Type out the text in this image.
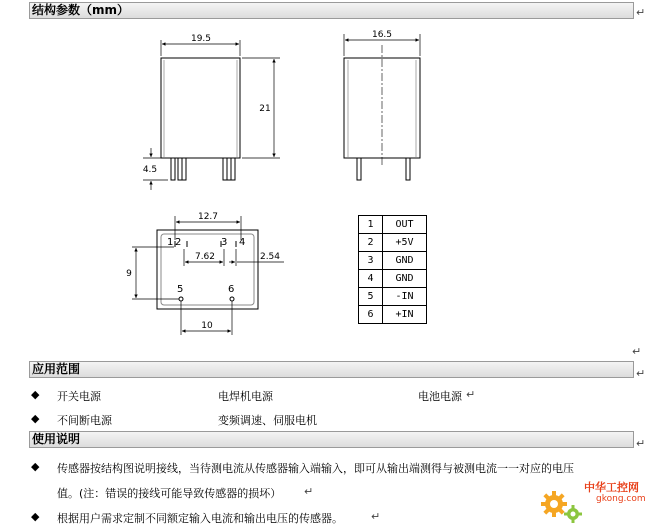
结构参数（mm）	↵
19.5	16.5
21
4.5
12.7
7.62	2.54
9
10
1 2	3 4
5	6
1	OUT
2	+5V
3	GND
4	GND
5	-IN
6	+IN
↵
应用范围	↵
◆ 开关电源	电焊机电源	电池电源 ↵
◆ 不间断电源	变频调速、伺服电机
使用说明	↵
◆ 传感器按结构图说明接线，当待测电流从传感器输入端输入，即可从输出端测得与被测电流一一对应的电压
值。(注：错误的接线可能导致传感器的损坏） ↵
◆ 根据用户需求定制不同额定输入电流和输出电压的传感器。	↵
中华工控网
gkong.com
